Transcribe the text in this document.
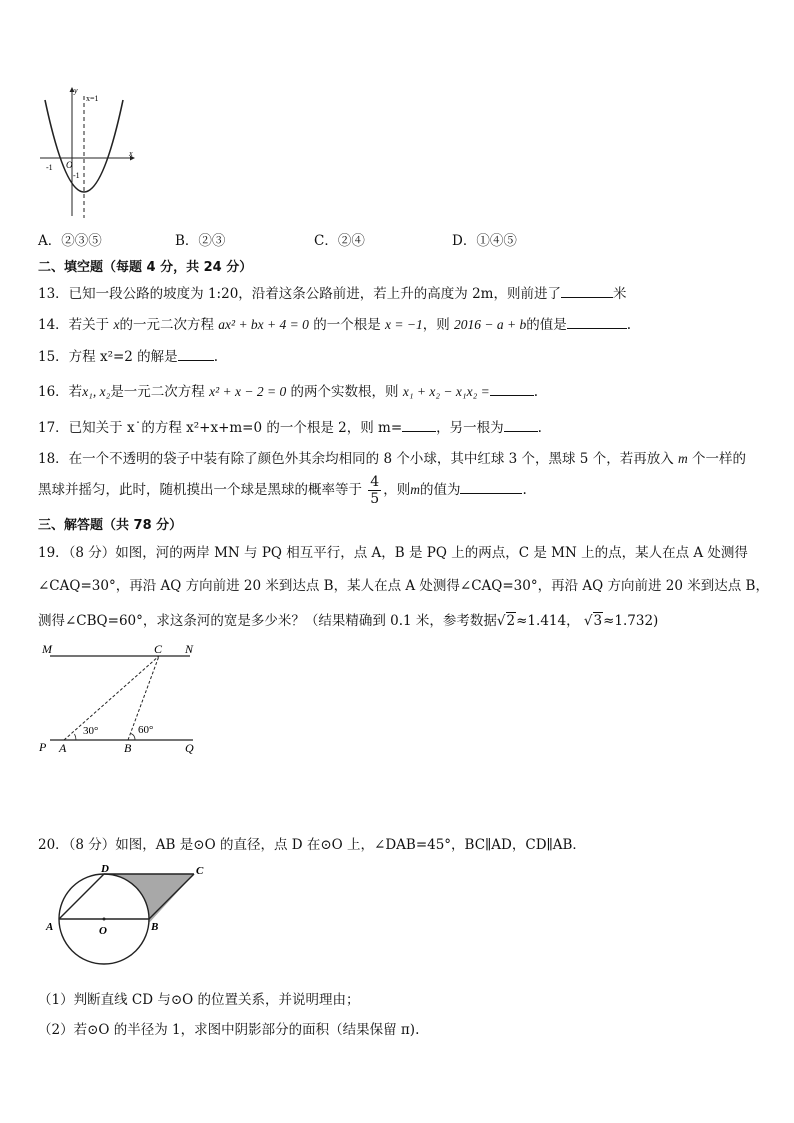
y
x
x=1
O
-1
-1
A．②③⑤	B．②③	C．②④	D．①④⑤
二、填空题（每题 4 分，共 24 分）
13．已知一段公路的坡度为 1:20，沿着这条公路前进，若上升的高度为 2m，则前进了	米
14．若关于 x的一元二次方程 ax² + bx + 4 = 0 的一个根是 x = −1，则 2016 − a + b的值是	.
15．方程 x²=2 的解是	.
16．若x₁, x₂是一元二次方程 x² + x − 2 = 0 的两个实数根，则 x₁ + x₂ − x₁x₂ =	.
17．已知关于 x˙的方程 x²+x+m=0 的一个根是 2，则 m=	，另一根为	.
18．在一个不透明的袋子中装有除了颜色外其余均相同的 8 个小球，其中红球 3 个，黑球 5 个，若再放入 m 个一样的
黑球并摇匀，此时，随机摸出一个球是黑球的概率等于 $\frac{4}{5}$ ，则m的值为	.
三、解答题（共 78 分）
19．（8 分）如图，河的两岸 MN 与 PQ 相互平行，点 A，B 是 PQ 上的两点，C 是 MN 上的点，某人在点 A 处测得
∠CAQ=30°，再沿 AQ 方向前进 20 米到达点 B，某人在点 A 处测得∠CAQ=30°，再沿 AQ 方向前进 20 米到达点 B，
测得∠CBQ=60°，求这条河的宽是多少米？（结果精确到 0.1 米，参考数据√2≈1.414， √3≈1.732)
M	N
C
P A	B	Q
30°	60°
20．（8 分）如图，AB 是⊙O 的直径，点 D 在⊙O 上，∠DAB=45°，BC∥AD，CD∥AB．
A	B
C
D
O
（1）判断直线 CD 与⊙O 的位置关系，并说明理由；
（2）若⊙O 的半径为 1，求图中阴影部分的面积（结果保留 π).
